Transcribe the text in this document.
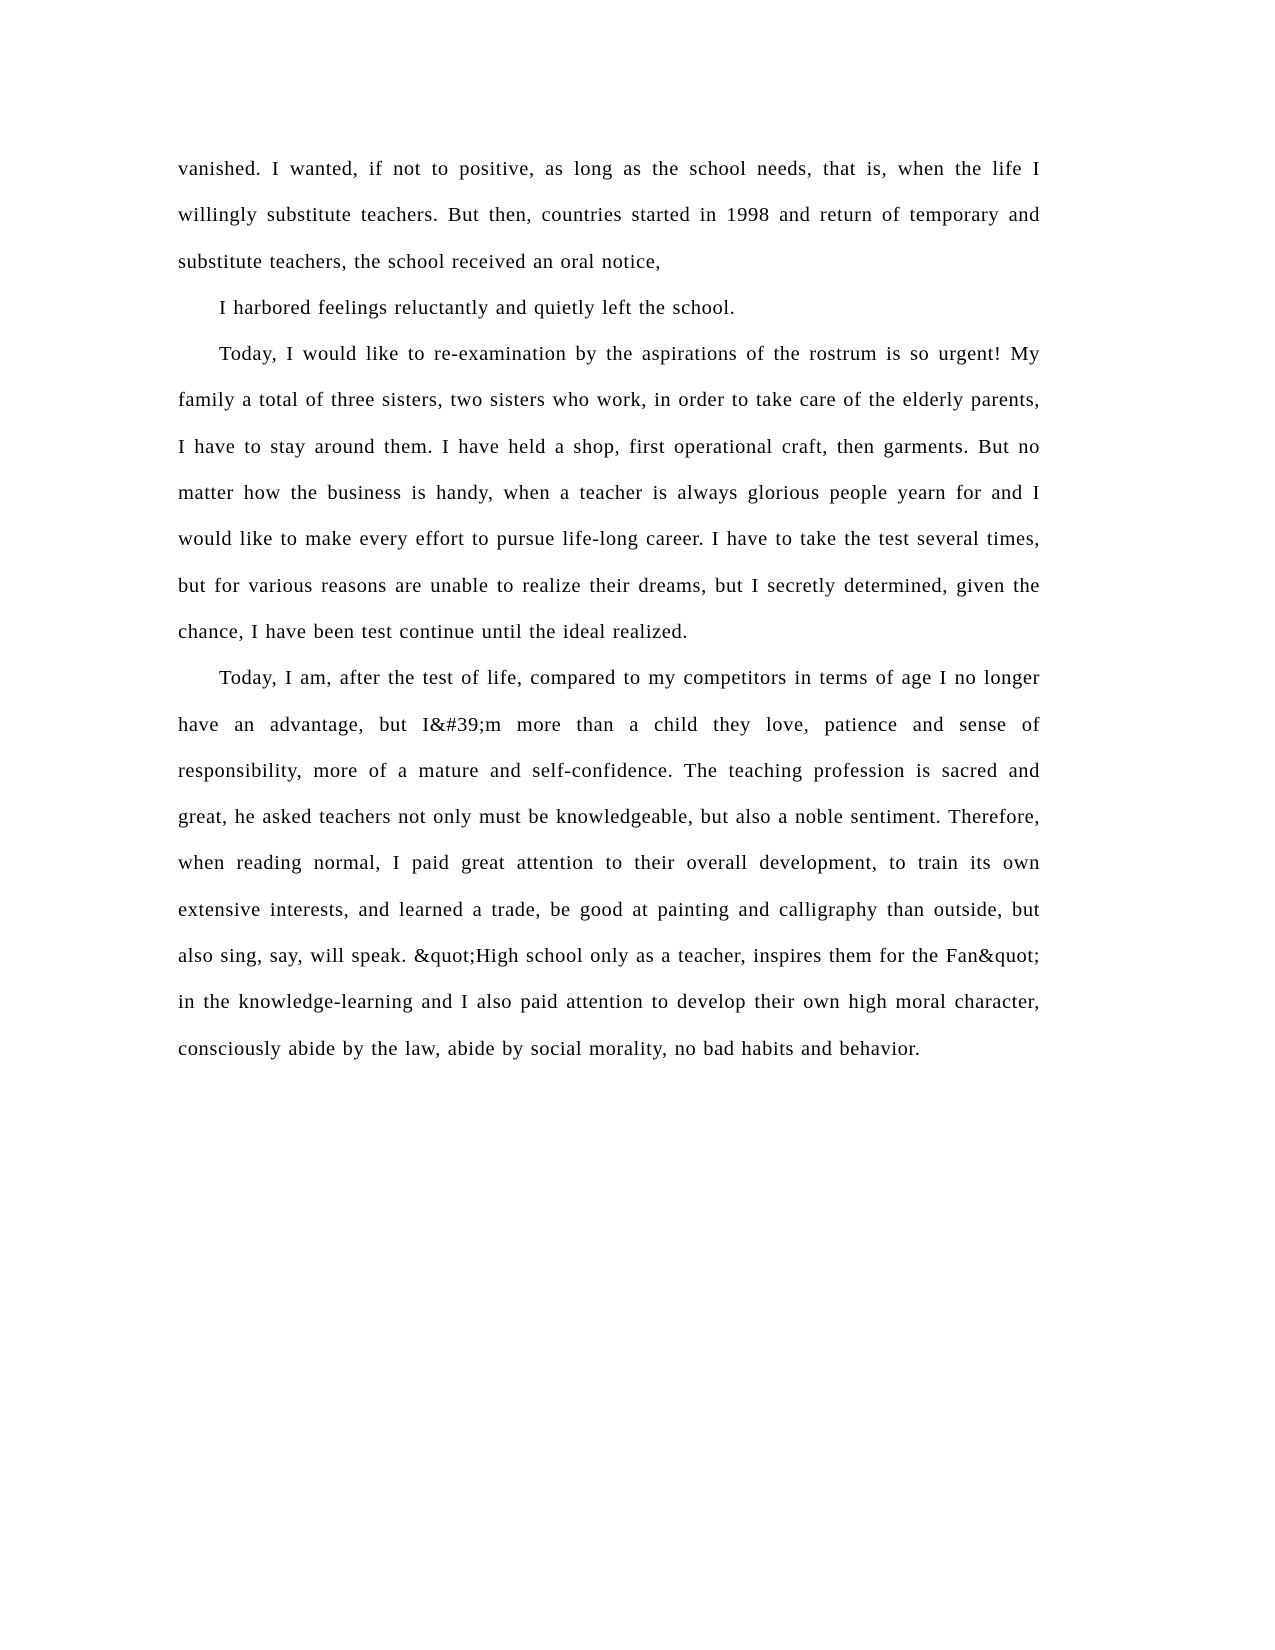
vanished. I wanted, if not to positive, as long as the school needs, that is, when the life I willingly substitute teachers. But then, countries started in 1998 and return of temporary and substitute teachers, the school received an oral notice,

I harbored feelings reluctantly and quietly left the school.

Today, I would like to re-examination by the aspirations of the rostrum is so urgent! My family a total of three sisters, two sisters who work, in order to take care of the elderly parents, I have to stay around them. I have held a shop, first operational craft, then garments. But no matter how the business is handy, when a teacher is always glorious people yearn for and I would like to make every effort to pursue life-long career. I have to take the test several times, but for various reasons are unable to realize their dreams, but I secretly determined, given the chance, I have been test continue until the ideal realized.

Today, I am, after the test of life, compared to my competitors in terms of age I no longer have an advantage, but I&#39;m more than a child they love, patience and sense of responsibility, more of a mature and self-confidence. The teaching profession is sacred and great, he asked teachers not only must be knowledgeable, but also a noble sentiment. Therefore, when reading normal, I paid great attention to their overall development, to train its own extensive interests, and learned a trade, be good at painting and calligraphy than outside, but also sing, say, will speak. &quot;High school only as a teacher, inspires them for the Fan&quot; in the knowledge-learning and I also paid attention to develop their own high moral character, consciously abide by the law, abide by social morality, no bad habits and behavior.
